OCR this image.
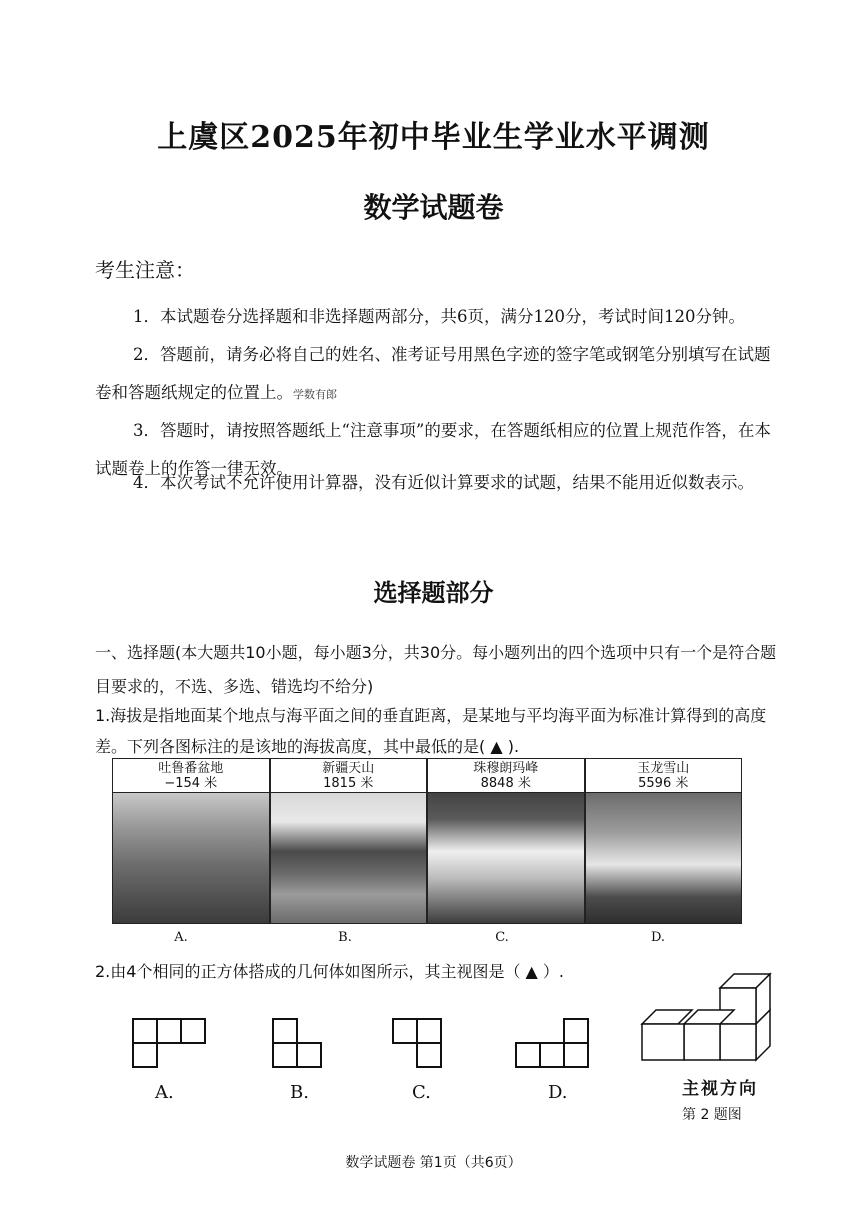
上虞区2025年初中毕业生学业水平调测
数学试题卷
考生注意：
1．本试题卷分选择题和非选择题两部分，共6页，满分120分，考试时间120分钟。
2．答题前，请务必将自己的姓名、准考证号用黑色字迹的签字笔或钢笔分别填写在试题卷和答题纸规定的位置上。学数有郎
3．答题时，请按照答题纸上“注意事项”的要求，在答题纸相应的位置上规范作答，在本试题卷上的作答一律无效。
4．本次考试不允许使用计算器，没有近似计算要求的试题，结果不能用近似数表示。
选择题部分
一、选择题(本大题共10小题，每小题3分，共30分。每小题列出的四个选项中只有一个是符合题目要求的，不选、多选、错选均不给分)
1.海拔是指地面某个地点与海平面之间的垂直距离，是某地与平均海平面为标准计算得到的高度差。下列各图标注的是该地的海拔高度，其中最低的是( ▲ ).
吐鲁番盆地
−154 米
新疆天山
1815 米
珠穆朗玛峰
8848 米
玉龙雪山
5596 米
A.	B.	C.	D.
2.由4个相同的正方体搭成的几何体如图所示，其主视图是（ ▲ ）.
A.	B.	C.	D.	主视方向
第 2 题图
数学试题卷 第1页（共6页）
